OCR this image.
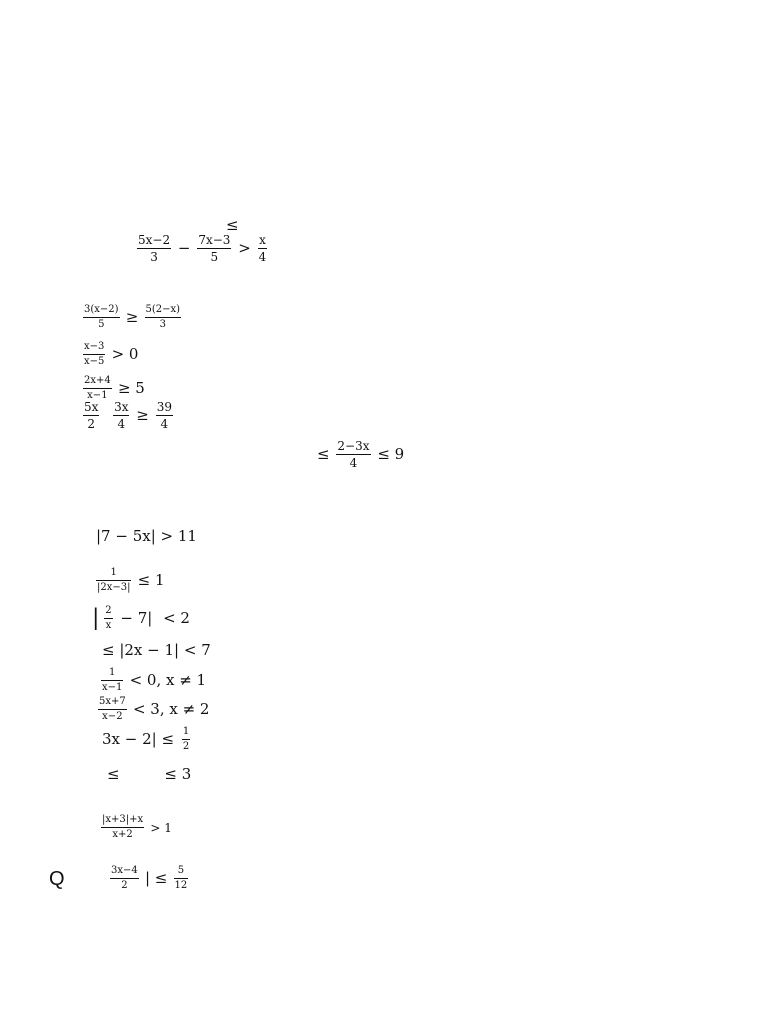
≤
$\frac{5x-2}{3} - \frac{7x-3}{5} > \frac{x}{4}$
$\frac{3(x-2)}{5} \ge \frac{5(2-x)}{3}$
$\frac{x-3}{x-5} > 0$
$\frac{2x+4}{x-1} \ge 5$
$\frac{5x}{2}$
$\frac{3x}{4} \ge \frac{39}{4}$
≤ $\frac{2-3x}{4} \le 9$
|7 − 5x| > 11
$\frac{1}{|2x-3|} \le 1$
| $\frac{2}{x} - 7| < 2$
≤ |2x − 1| < 7
$\frac{1}{x-1} < 0$, x ≠ 1
$\frac{5x+7}{x-2} < 3$, x ≠ 2
$3x - 2| \le \frac{1}{2}$
≤	≤ 3
$\frac{|x+3|+x}{x+2} > 1$
Q	$\frac{3x-4}{2}$ | ≤ $\frac{5}{12}$
